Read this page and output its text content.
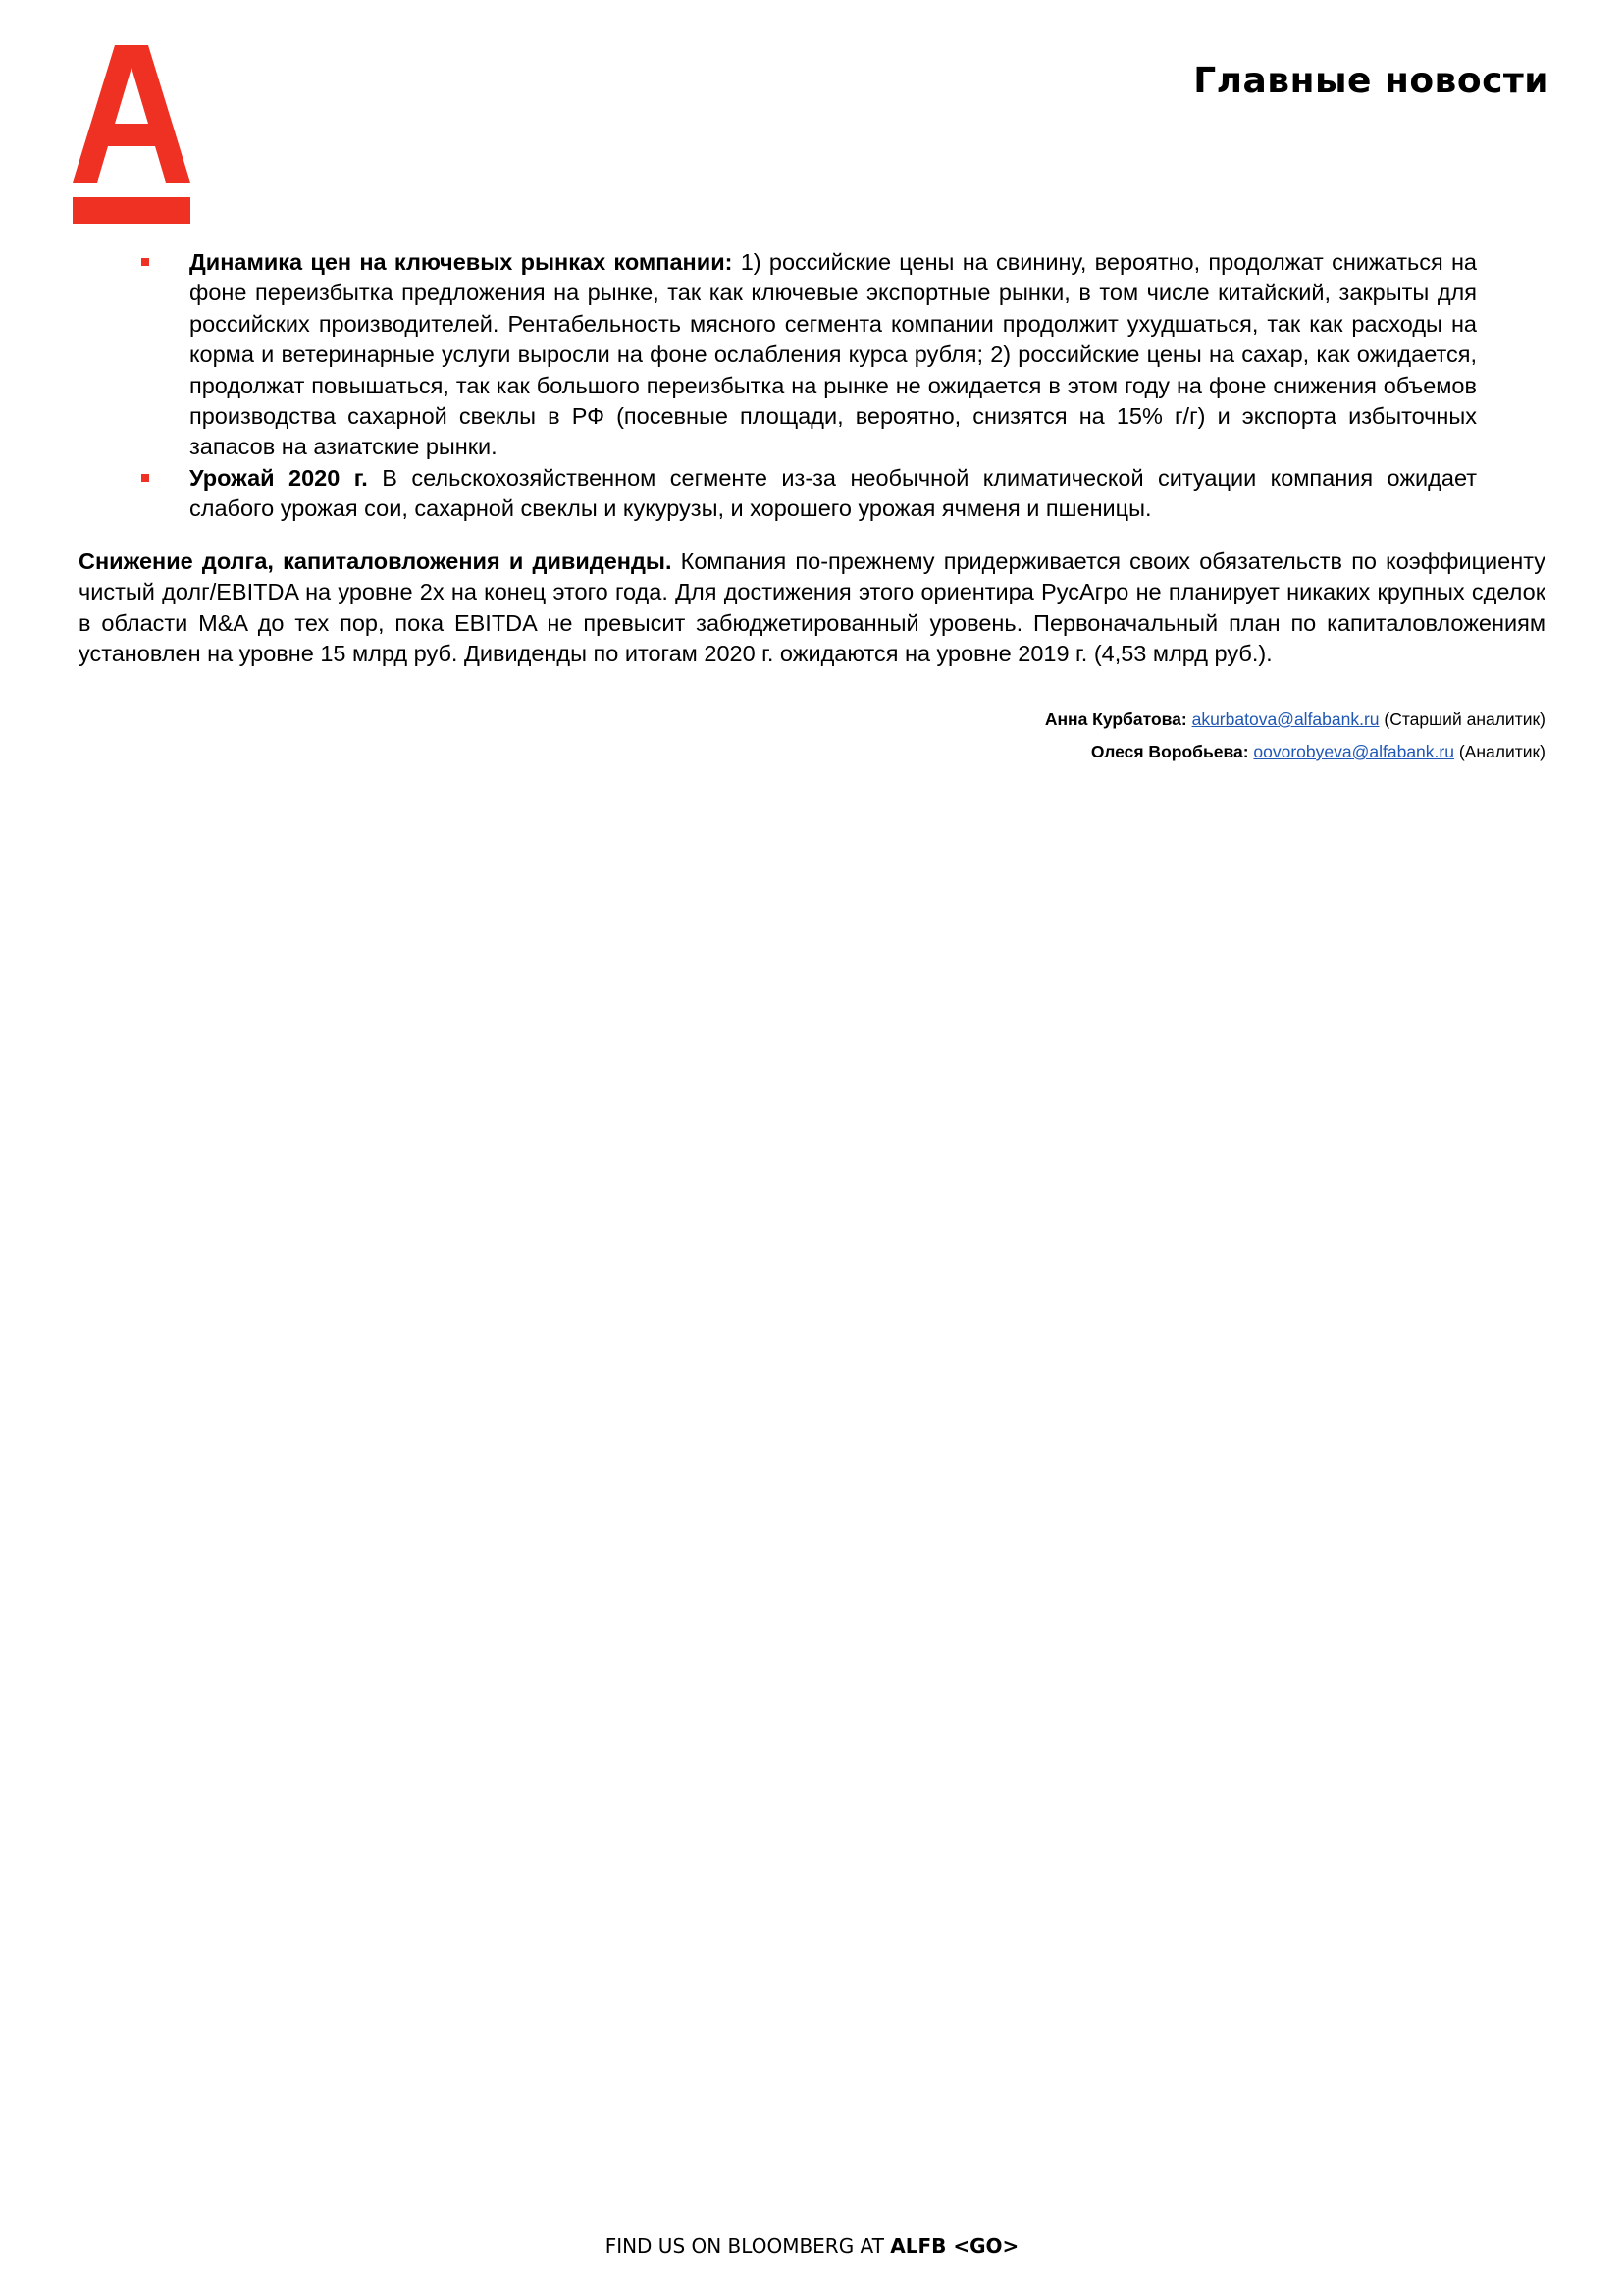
Главные новости
Динамика цен на ключевых рынках компании: 1) российские цены на свинину, вероятно, продолжат снижаться на фоне переизбытка предложения на рынке, так как ключевые экспортные рынки, в том числе китайский, закрыты для российских производителей. Рентабельность мясного сегмента компании продолжит ухудшаться, так как расходы на корма и ветеринарные услуги выросли на фоне ослабления курса рубля; 2) российские цены на сахар, как ожидается, продолжат повышаться, так как большого переизбытка на рынке не ожидается в этом году на фоне снижения объемов производства сахарной свеклы в РФ (посевные площади, вероятно, снизятся на 15% г/г) и экспорта избыточных запасов на азиатские рынки.
Урожай 2020 г. В сельскохозяйственном сегменте из-за необычной климатической ситуации компания ожидает слабого урожая сои, сахарной свеклы и кукурузы, и хорошего урожая ячменя и пшеницы.

Снижение долга, капиталовложения и дивиденды. Компания по-прежнему придерживается своих обязательств по коэффициенту чистый долг/EBITDA на уровне 2x на конец этого года. Для достижения этого ориентира РусАгро не планирует никаких крупных сделок в области M&A до тех пор, пока EBITDA не превысит забюджетированный уровень. Первоначальный план по капиталовложениям установлен на уровне 15 млрд руб. Дивиденды по итогам 2020 г. ожидаются на уровне 2019 г. (4,53 млрд руб.).

Анна Курбатова: akurbatova@alfabank.ru (Старший аналитик)
Олеся Воробьева: oovorobyeva@alfabank.ru (Аналитик)
FIND US ON BLOOMBERG AT ALFB <GO>
